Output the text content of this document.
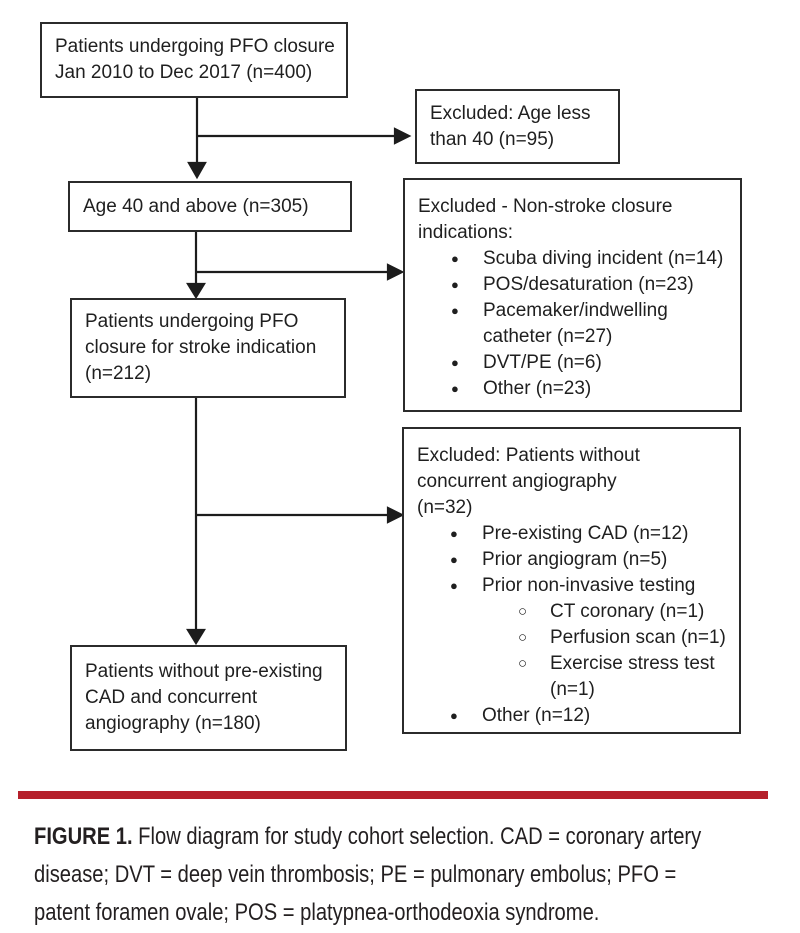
Patients undergoing PFO closure
Jan 2010 to Dec 2017 (n=400)
Age 40 and above (n=305)
Patients undergoing PFO
closure for stroke indication
(n=212)
Patients without pre-existing
CAD and concurrent
angiography (n=180)
Excluded: Age less
than 40 (n=95)
Excluded - Non-stroke closure
indications:
● Scuba diving incident (n=14)
● POS/desaturation (n=23)
● Pacemaker/indwelling catheter (n=27)
● DVT/PE (n=6)
● Other (n=23)
Excluded: Patients without
concurrent angiography
(n=32)
● Pre-existing CAD (n=12)
● Prior angiogram (n=5)
● Prior non-invasive testing
○ CT coronary (n=1)
○ Perfusion scan (n=1)
○ Exercise stress test (n=1)
● Other (n=12)

FIGURE 1. Flow diagram for study cohort selection. CAD = coronary artery

disease; DVT = deep vein thrombosis; PE = pulmonary embolus; PFO =

patent foramen ovale; POS = platypnea-orthodeoxia syndrome.
